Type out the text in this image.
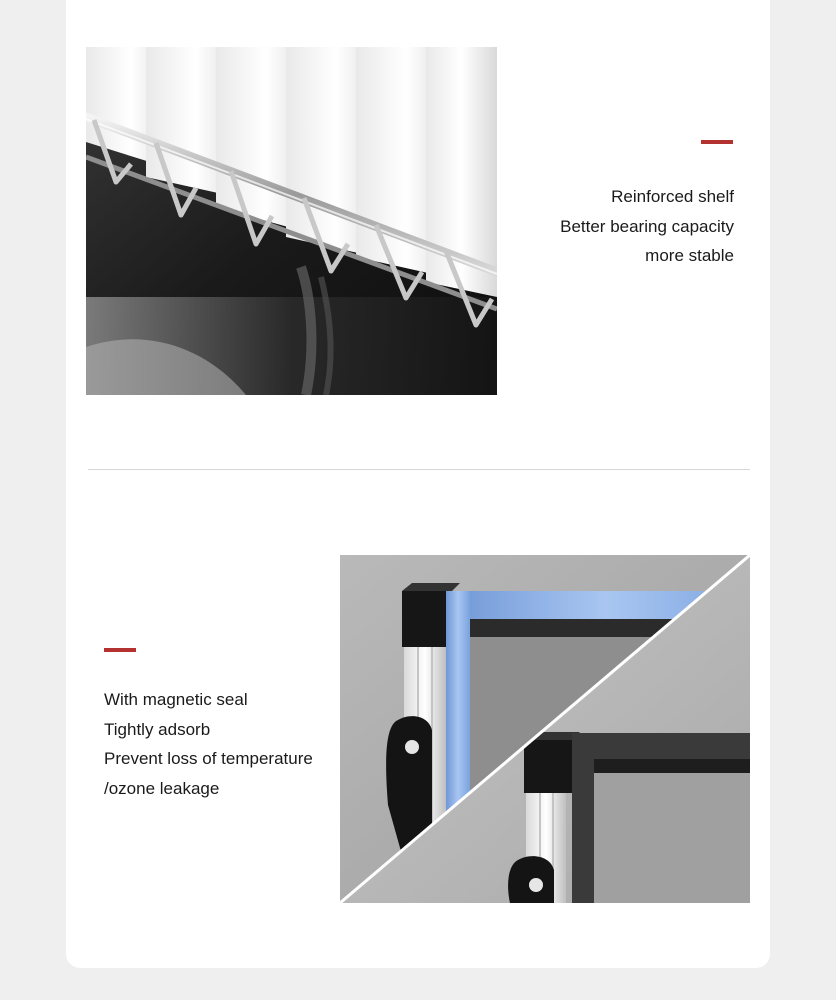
Reinforced shelf
Better bearing capacity
more stable
With magnetic seal
Tightly adsorb
Prevent loss of temperature
/ozone leakage
